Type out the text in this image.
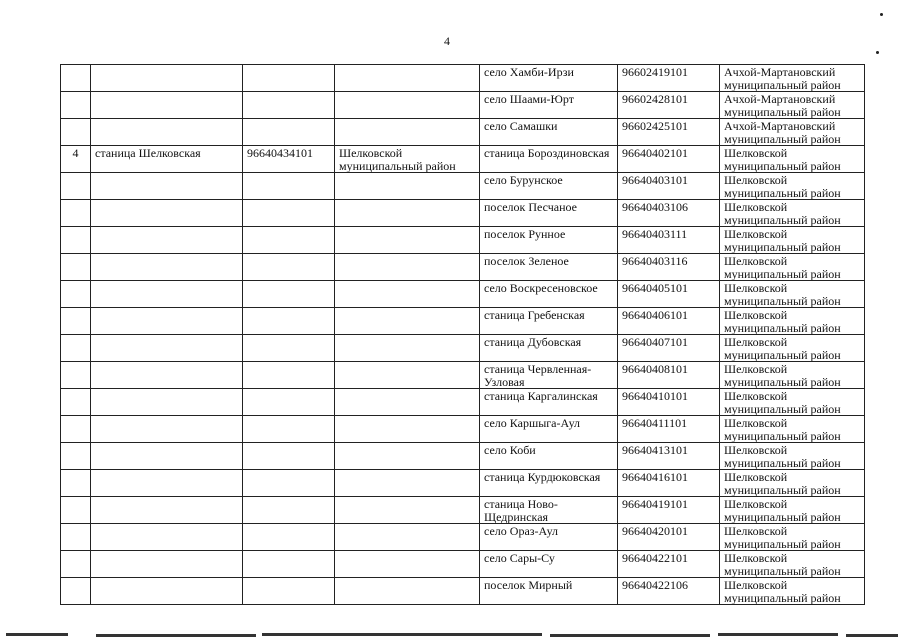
4
				село Хамби-Ирзи	96602419101	Ачхой-Мартановский муниципальный район
				село Шаами-Юрт	96602428101	Ачхой-Мартановский муниципальный район
				село Самашки	96602425101	Ачхой-Мартановский муниципальный район
4	станица Шелковская	96640434101	Шелковской муниципальный район	станица Бороздиновская	96640402101	Шелковской муниципальный район
				село Бурунское	96640403101	Шелковской муниципальный район
				поселок Песчаное	96640403106	Шелковской муниципальный район
				поселок Рунное	96640403111	Шелковской муниципальный район
				поселок Зеленое	96640403116	Шелковской муниципальный район
				село Воскресеновское	96640405101	Шелковской муниципальный район
				станица Гребенская	96640406101	Шелковской муниципальный район
				станица Дубовская	96640407101	Шелковской муниципальный район
				станица Червленная-Узловая	96640408101	Шелковской муниципальный район
				станица Каргалинская	96640410101	Шелковской муниципальный район
				село Каршыга-Аул	96640411101	Шелковской муниципальный район
				село Коби	96640413101	Шелковской муниципальный район
				станица Курдюковская	96640416101	Шелковской муниципальный район
				станица Ново-Щедринская	96640419101	Шелковской муниципальный район
				село Ораз-Аул	96640420101	Шелковской муниципальный район
				село Сары-Су	96640422101	Шелковской муниципальный район
				поселок Мирный	96640422106	Шелковской муниципальный район
